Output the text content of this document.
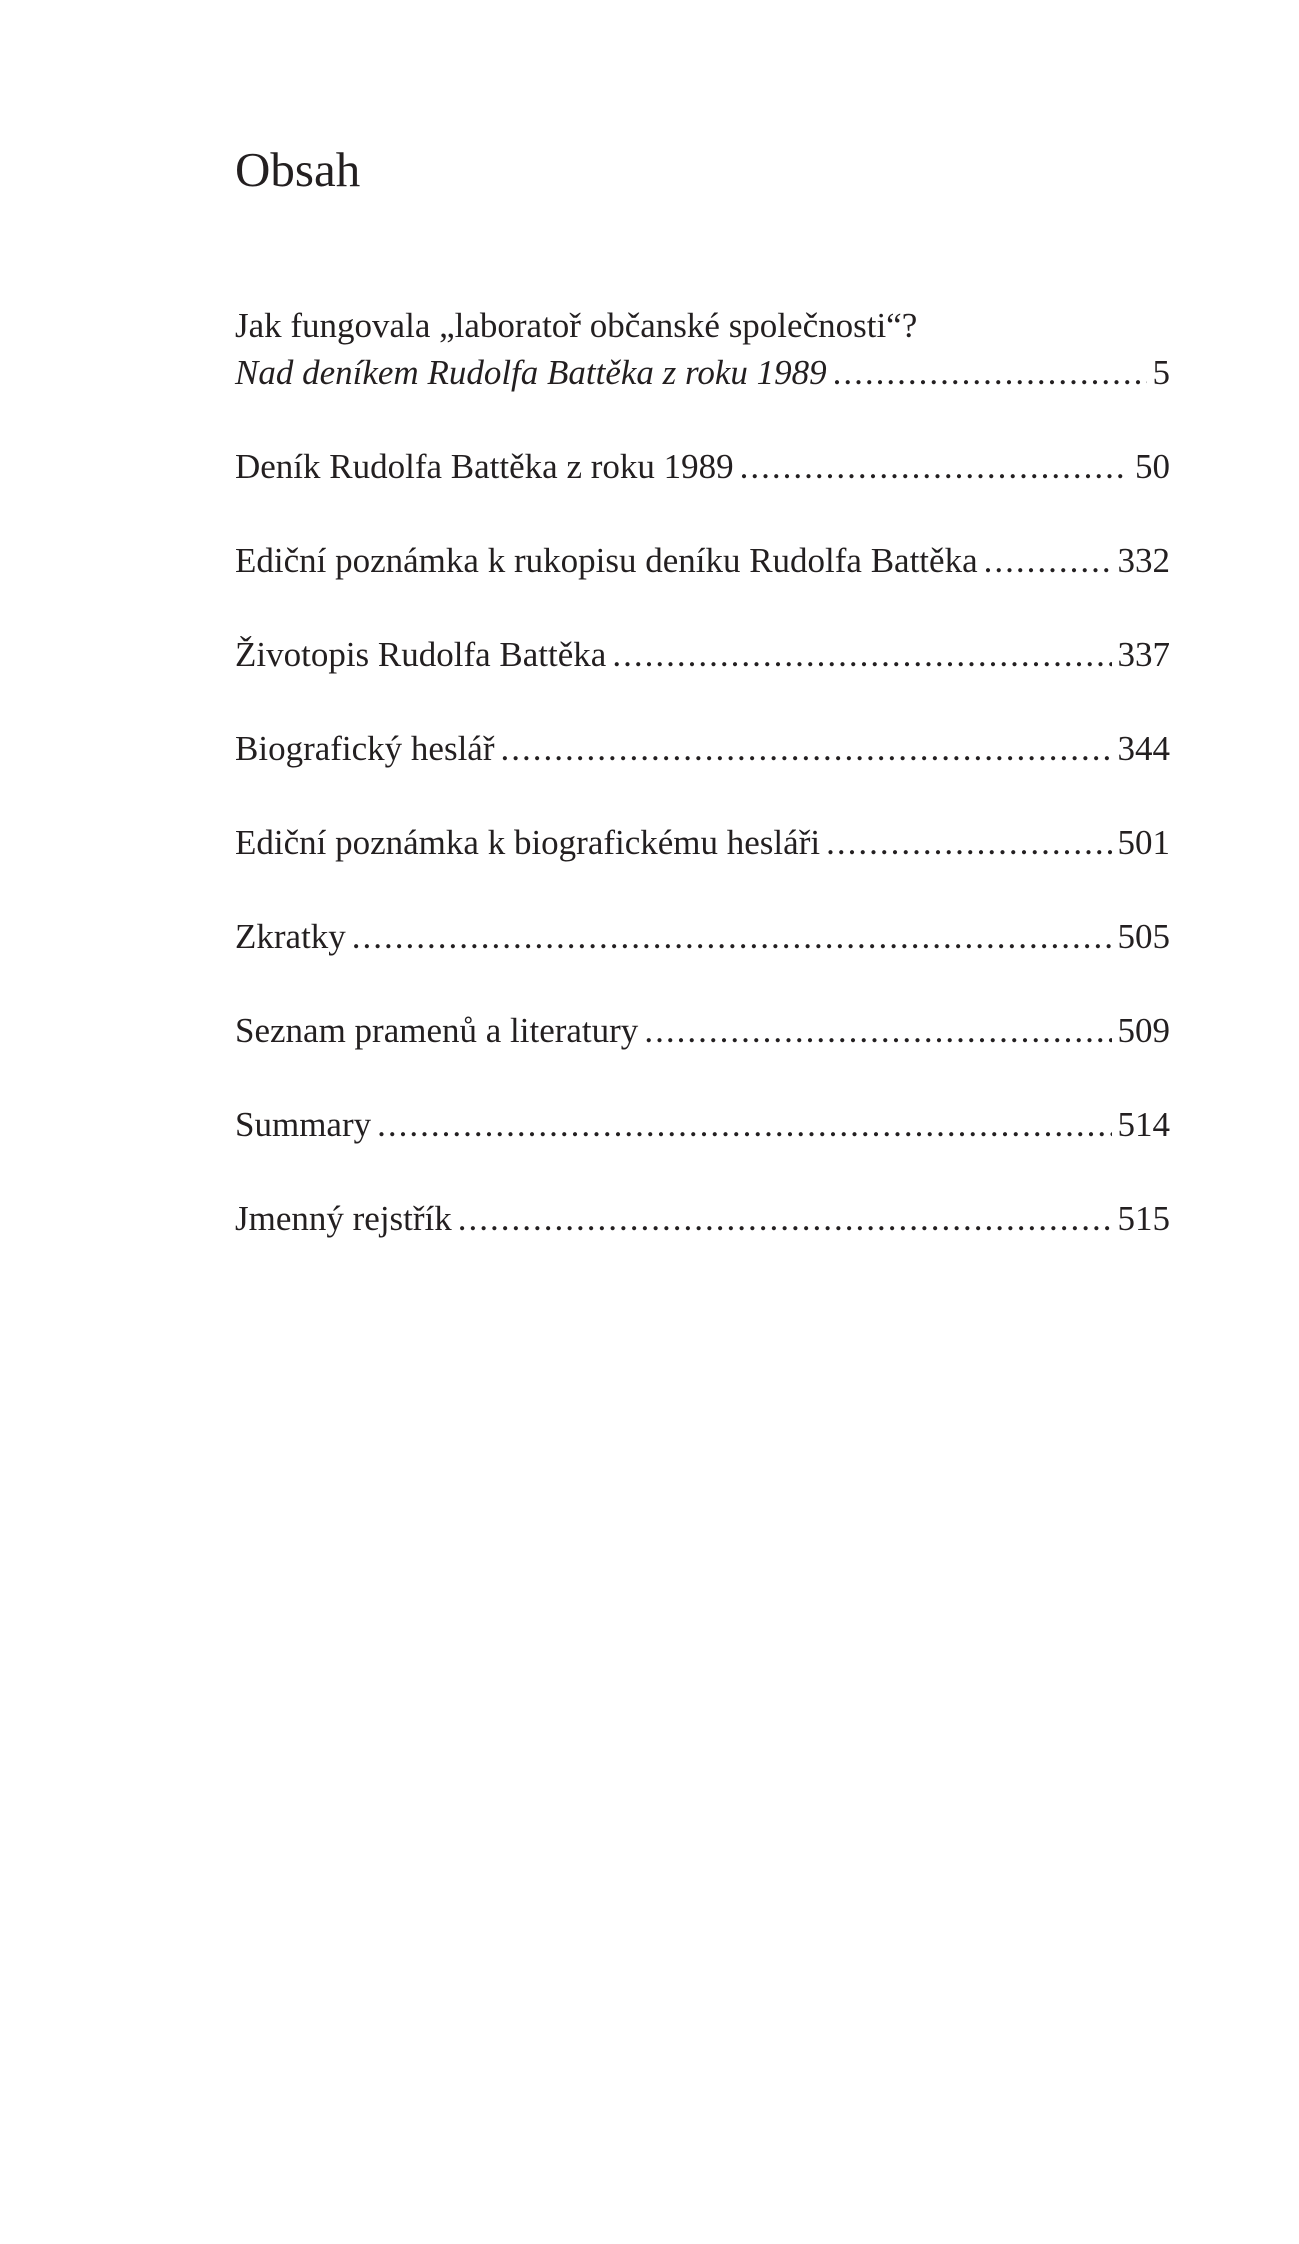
Obsah
Jak fungovala „laboratoř občanské společnosti“?
Nad deníkem Rudolfa Battěka z roku 1989 .....	5
Deník Rudolfa Battěka z roku 1989 .....	50
Ediční poznámka k rukopisu deníku Rudolfa Battěka .....	332
Životopis Rudolfa Battěka .....	337
Biografický heslář .....	344
Ediční poznámka k biografickému hesláři .....	501
Zkratky .....	505
Seznam pramenů a literatury .....	509
Summary .....	514
Jmenný rejstřík .....	515
